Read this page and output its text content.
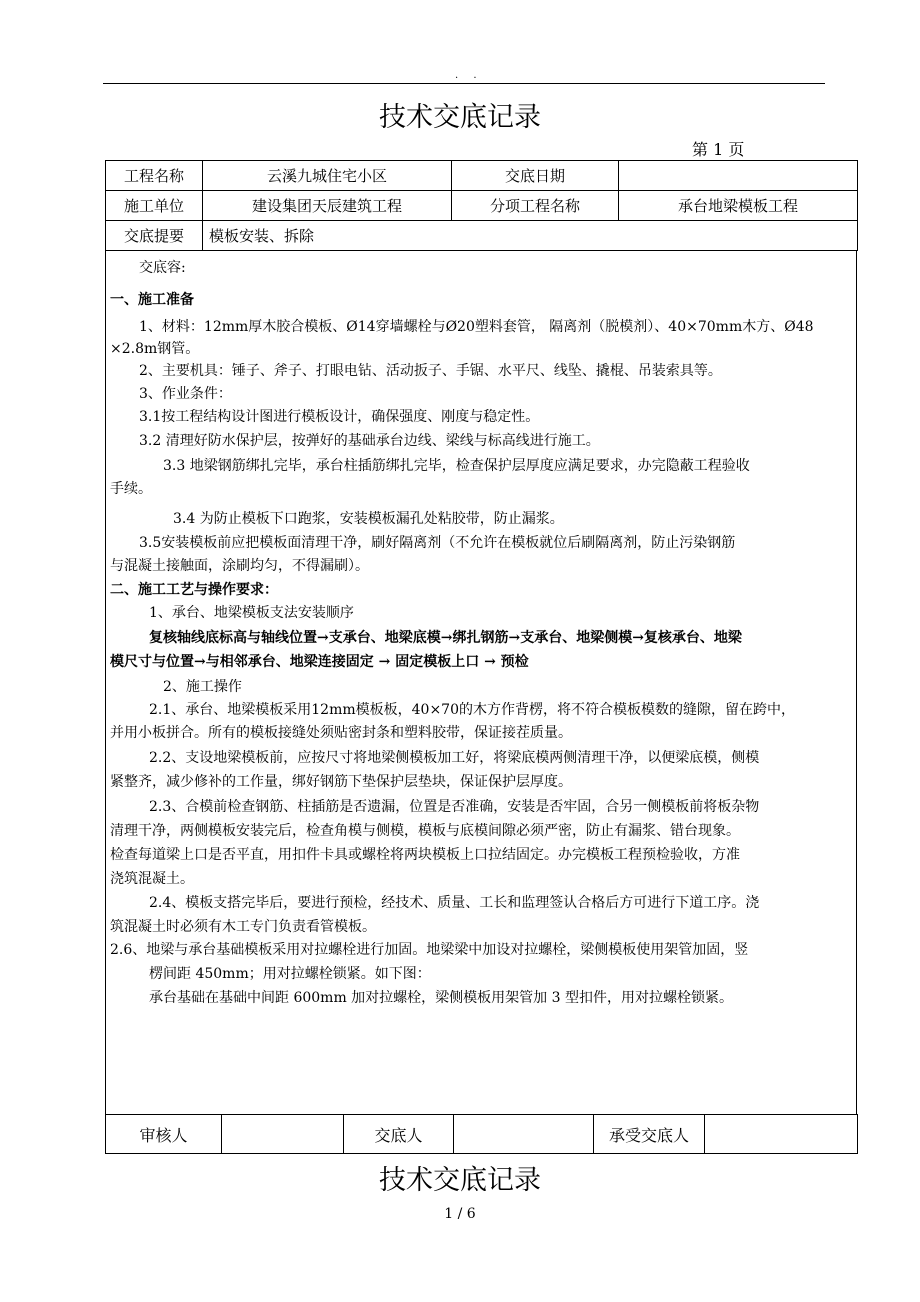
. .
技术交底记录
第 1 页
工程名称	云溪九城住宅小区	交底日期	
施工单位	建设集团天辰建筑工程	分项工程名称	承台地梁模板工程
交底提要	模板安装、拆除		
交底容:
一、施工准备
1、材料：12mm厚木胶合模板、Ø14穿墙螺栓与Ø20塑料套管， 隔离剂（脱模剂）、40×70mm木方、Ø48
×2.8m钢管。
2、主要机具：锤子、斧子、打眼电钻、活动扳子、手锯、水平尺、线坠、撬棍、吊装索具等。
3、作业条件：
3.1按工程结构设计图进行模板设计，确保强度、刚度与稳定性。
3.2 清理好防水保护层，按弹好的基础承台边线、梁线与标高线进行施工。
3.3 地梁钢筋绑扎完毕，承台柱插筋绑扎完毕，检查保护层厚度应满足要求，办完隐蔽工程验收
手续。
3.4 为防止模板下口跑浆，安装模板漏孔处粘胶带，防止漏浆。
3.5安装模板前应把模板面清理干净，刷好隔离剂（不允许在模板就位后刷隔离剂，防止污染钢筋
与混凝土接触面，涂刷均匀，不得漏刷）。
二、施工工艺与操作要求：
1、承台、地梁模板支法安装顺序
复核轴线底标高与轴线位置→支承台、地梁底模→绑扎钢筋→支承台、地梁侧模→复核承台、地梁
模尺寸与位置→与相邻承台、地梁连接固定 → 固定模板上口 → 预检
2、施工操作
2.1、承台、地梁模板采用12mm模板板，40×70的木方作背楞，将不符合模板模数的缝隙，留在跨中，
并用小板拼合。所有的模板接缝处须贴密封条和塑料胶带，保证接茬质量。
2.2、支设地梁模板前，应按尺寸将地梁侧模板加工好，将梁底模两侧清理干净，以便梁底模，侧模
紧整齐，减少修补的工作量，绑好钢筋下垫保护层垫块，保证保护层厚度。
2.3、合模前检查钢筋、柱插筋是否遗漏，位置是否准确，安装是否牢固，合另一侧模板前将板杂物
清理干净，两侧模板安装完后，检查角模与侧模，模板与底模间隙必须严密，防止有漏浆、错台现象。
检查每道梁上口是否平直，用扣件卡具或螺栓将两块模板上口拉结固定。办完模板工程预检验收，方准
浇筑混凝土。
2.4、模板支搭完毕后，要进行预检，经技术、质量、工长和监理签认合格后方可进行下道工序。浇
筑混凝土时必须有木工专门负责看管模板。
2.6、地梁与承台基础模板采用对拉螺栓进行加固。地梁梁中加设对拉螺栓，梁侧模板使用架管加固，竖
楞间距 450mm；用对拉螺栓锁紧。如下图：
承台基础在基础中间距 600mm 加对拉螺栓，梁侧模板用架管加 3 型扣件，用对拉螺栓锁紧。
审核人		交底人		承受交底人	
技术交底记录
1 / 6
